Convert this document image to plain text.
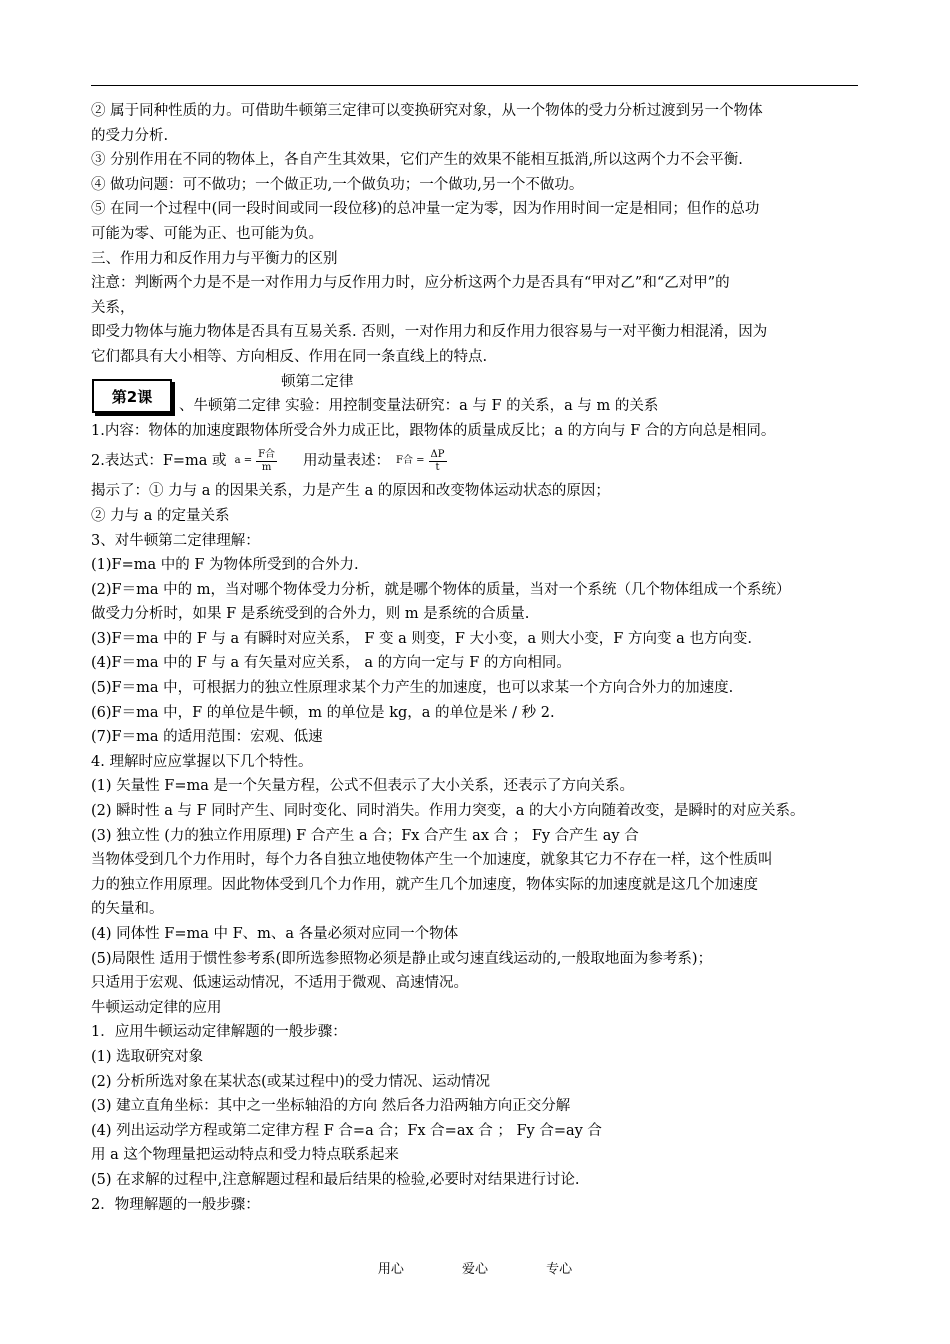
第2课
② 属于同种性质的力。可借助牛顿第三定律可以变换研究对象，从一个物体的受力分析过渡到另一个物体
的受力分析.
③ 分别作用在不同的物体上，各自产生其效果，它们产生的效果不能相互抵消,所以这两个力不会平衡.
④ 做功问题：可不做功；一个做正功,一个做负功；一个做功,另一个不做功。
⑤ 在同一个过程中(同一段时间或同一段位移)的总冲量一定为零，因为作用时间一定是相同；但作的总功
可能为零、可能为正、也可能为负。
三、作用力和反作用力与平衡力的区别
注意：判断两个力是不是一对作用力与反作用力时，应分析这两个力是否具有“甲对乙”和“乙对甲”的
关系，
即受力物体与施力物体是否具有互易关系. 否则，一对作用力和反作用力很容易与一对平衡力相混淆，因为
它们都具有大小相等、方向相反、作用在同一条直线上的特点.
顿第二定律
、牛顿第二定律 实验：用控制变量法研究：a 与 F 的关系，a 与 m 的关系
1.内容：物体的加速度跟物体所受合外力成正比，跟物体的质量成反比；a 的方向与 F 合的方向总是相同。
2.表达式：F=ma 或 $a = \frac{\text{F合}}{m}$ 用动量表述： F合 = $\frac{\Delta P}{t}$
揭示了：① 力与 a 的因果关系，力是产生 a 的原因和改变物体运动状态的原因；
② 力与 a 的定量关系
3、对牛顿第二定律理解：
(1)F=ma 中的 F 为物体所受到的合外力.
(2)F＝ma 中的 m，当对哪个物体受力分析，就是哪个物体的质量，当对一个系统（几个物体组成一个系统）
做受力分析时，如果 F 是系统受到的合外力，则 m 是系统的合质量.
(3)F＝ma 中的 F 与 a 有瞬时对应关系， F 变 a 则变，F 大小变，a 则大小变，F 方向变 a 也方向变.
(4)F＝ma 中的 F 与 a 有矢量对应关系， a 的方向一定与 F 的方向相同。
(5)F＝ma 中，可根据力的独立性原理求某个力产生的加速度，也可以求某一个方向合外力的加速度.
(6)F＝ma 中，F 的单位是牛顿，m 的单位是 kg，a 的单位是米 / 秒 2.
(7)F＝ma 的适用范围：宏观、低速
4. 理解时应应掌握以下几个特性。
(1) 矢量性 F=ma 是一个矢量方程，公式不但表示了大小关系，还表示了方向关系。
(2) 瞬时性 a 与 F 同时产生、同时变化、同时消失。作用力突变，a 的大小方向随着改变，是瞬时的对应关系。
(3) 独立性 (力的独立作用原理) F 合产生 a 合；Fx 合产生 ax 合 ； Fy 合产生 ay 合
当物体受到几个力作用时，每个力各自独立地使物体产生一个加速度，就象其它力不存在一样，这个性质叫
力的独立作用原理。因此物体受到几个力作用，就产生几个加速度，物体实际的加速度就是这几个加速度
的矢量和。
(4) 同体性 F=ma 中 F、m、a 各量必须对应同一个物体
(5)局限性 适用于惯性参考系(即所选参照物必须是静止或匀速直线运动的,一般取地面为参考系)；
只适用于宏观、低速运动情况，不适用于微观、高速情况。
牛顿运动定律的应用
1．应用牛顿运动定律解题的一般步骤：
(1) 选取研究对象
(2) 分析所选对象在某状态(或某过程中)的受力情况、运动情况
(3) 建立直角坐标：其中之一坐标轴沿的方向 然后各力沿两轴方向正交分解
(4) 列出运动学方程或第二定律方程 F 合=a 合；Fx 合=ax 合 ； Fy 合=ay 合
用 a 这个物理量把运动特点和受力特点联系起来
(5) 在求解的过程中,注意解题过程和最后结果的检验,必要时对结果进行讨论.
2．物理解题的一般步骤：
用心	爱心	专心
